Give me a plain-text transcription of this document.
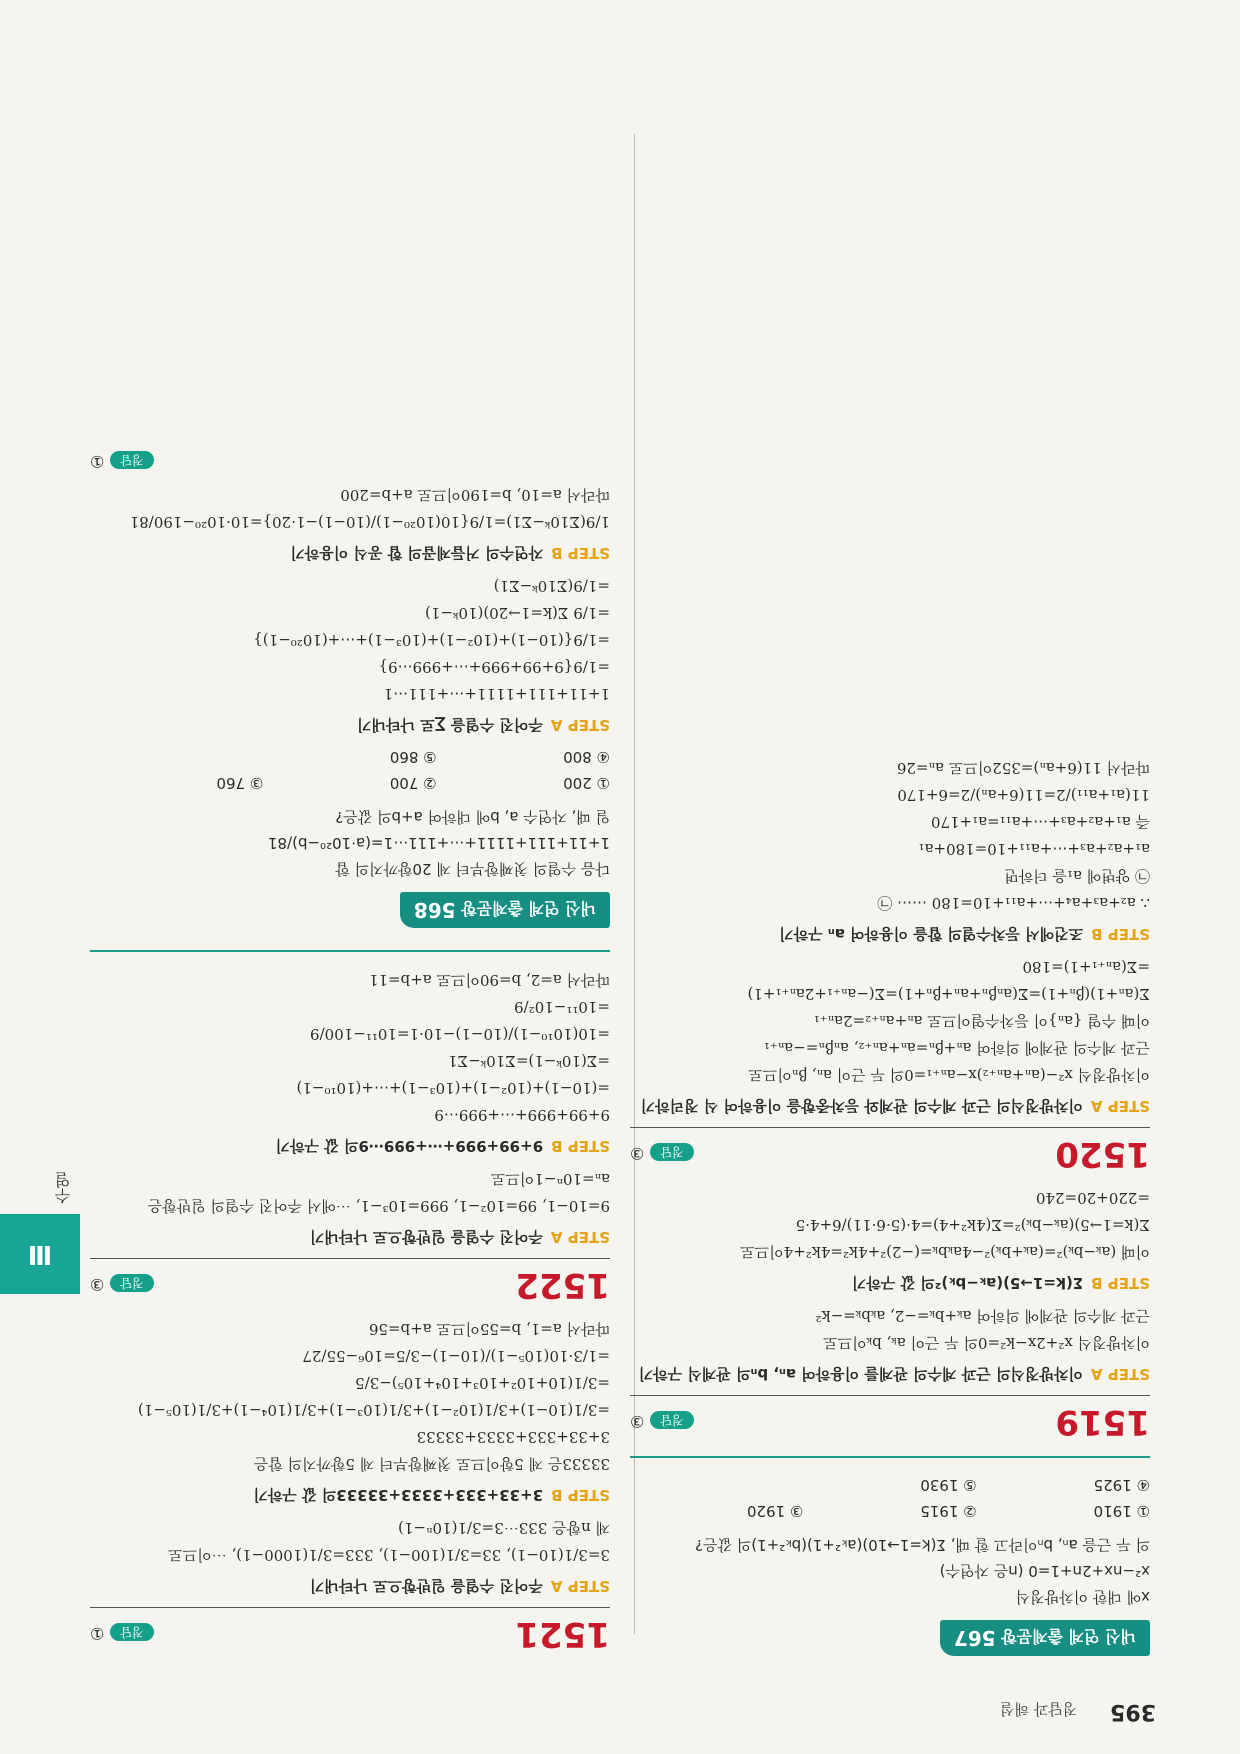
395
정답과 해설
Ⅲ
수열
내신 연계 출제문항 567
x에 대한 이차방정식
x²−nx+2n+1=0 (n은 자연수)
의 두 근을 aₙ, bₙ이라고 할 때, Σ(k=1→10)(aₖ²+1)(bₖ²+1)의 값은?
① 1910
② 1915
③ 1920
④ 1925
⑤ 1930
1519
정답③
STEP A이차방정식의 근과 계수의 관계를 이용하여 aₙ, bₙ의 관계식 구하기
이차방정식 x²+2x−k²=0의 두 근이 aₖ, bₖ이므로
근과 계수의 관계에 의하여 aₖ+bₖ=−2, aₖbₖ=−k²
STEP BΣ(k=1→5)(aₖ−bₖ)²의 값 구하기
이때 (aₖ−bₖ)²=(aₖ+bₖ)²−4aₖbₖ=(−2)²+4k²=4k²+4이므로
Σ(k=1→5)(aₖ−bₖ)²=Σ(4k²+4)=4·(5·6·11)/6+4·5
=220+20=240
1520
정답③
STEP A이차방정식의 근과 계수의 관계와 등차중항을 이용하여 식 정리하기
이차방정식 x²−(aₙ+aₙ₊₂)x−aₙ₊₁=0의 두 근이 aₙ, βₙ이므로
근과 계수의 관계에 의하여 aₙ+βₙ=aₙ+aₙ₊₂, aₙβₙ=−aₙ₊₁
이때 수열 {aₙ}이 등차수열이므로 aₙ+aₙ₊₂=2aₙ₊₁
Σ(aₙ+1)(βₙ+1)=Σ(aₙβₙ+aₙ+βₙ+1)=Σ(−aₙ₊₁+2aₙ₊₁+1)
=Σ(aₙ₊₁+1)=180
STEP B조건에서 등차수열의 합을 이용하여 aₙ 구하기
∴ a₂+a₃+a₄+⋯+a₁₁+10=180 ⋯⋯ ㉠
㉠ 양변에 a₁을 더하면
a₁+a₂+a₃+⋯+a₁₁+10=180+a₁
즉 a₁+a₂+a₃+⋯+a₁₁=a₁+170
11(a₁+a₁₁)/2=11(6+aₙ)/2=6+170
따라서 11(6+aₙ)=352이므로 aₙ=26
1521
정답①
STEP A주어진 수열을 일반항으로 나타내기
3=3/1(10−1), 33=3/1(100−1), 333=3/1(1000−1), ⋯이므로
제 n항은 333⋯3=3/1(10ⁿ−1)
STEP B3+33+333+3333+33333의 값 구하기
33333은 제 5항이므로 첫째항부터 제 5항까지의 합은
3+33+333+3333+33333
=3/1(10−1)+3/1(10²−1)+3/1(10³−1)+3/1(10⁴−1)+3/1(10⁵−1)
=3/1(10+10²+10³+10⁴+10⁵)−3/5
=1/3·10(10⁵−1)/(10−1)−3/5=10⁶−55/27
따라서 a=1, b=55이므로 a+b=56
1522
정답③
STEP A주어진 수열을 일반항으로 나타내기
9=10−1, 99=10²−1, 999=10³−1, ⋯에서 주어진 수열의 일반항은
aₙ=10ⁿ−1이므로
STEP B9+99+999+⋯+999⋯9의 값 구하기
9+99+999+⋯+999⋯9
=(10−1)+(10²−1)+(10³−1)+⋯+(10¹⁰−1)
=Σ(10ᵏ−1)=Σ10ᵏ−Σ1
=10(10¹⁰−1)/(10−1)−10·1=10¹¹−100/9
=10¹¹−10²/9
따라서 a=2, b=90이므로 a+b=11
내신 연계 출제문항 568
다음 수열의 첫째항부터 제 20항까지의 합
1+11+111+1111+⋯+111⋯1=(a·10²⁰−b)/81
일 때, 자연수 a, b에 대하여 a+b의 값은?
① 200
② 700
③ 760
④ 800
⑤ 860
STEP A주어진 수열을 ∑로 나타내기
1+11+111+1111+⋯+111⋯1
=1/9{9+99+999+⋯+999⋯9}
=1/9{(10−1)+(10²−1)+(10³−1)+⋯+(10²⁰−1)}
=1/9 Σ(k=1→20)(10ᵏ−1)
=1/9(Σ10ᵏ−Σ1)
STEP B자연수의 거듭제곱의 합 공식 이용하기
1/9(Σ10ᵏ−Σ1)=1/9{10(10²⁰−1)/(10−1)−1·20}=10·10²⁰−190/81
따라서 a=10, b=190이므로 a+b=200
정답①
